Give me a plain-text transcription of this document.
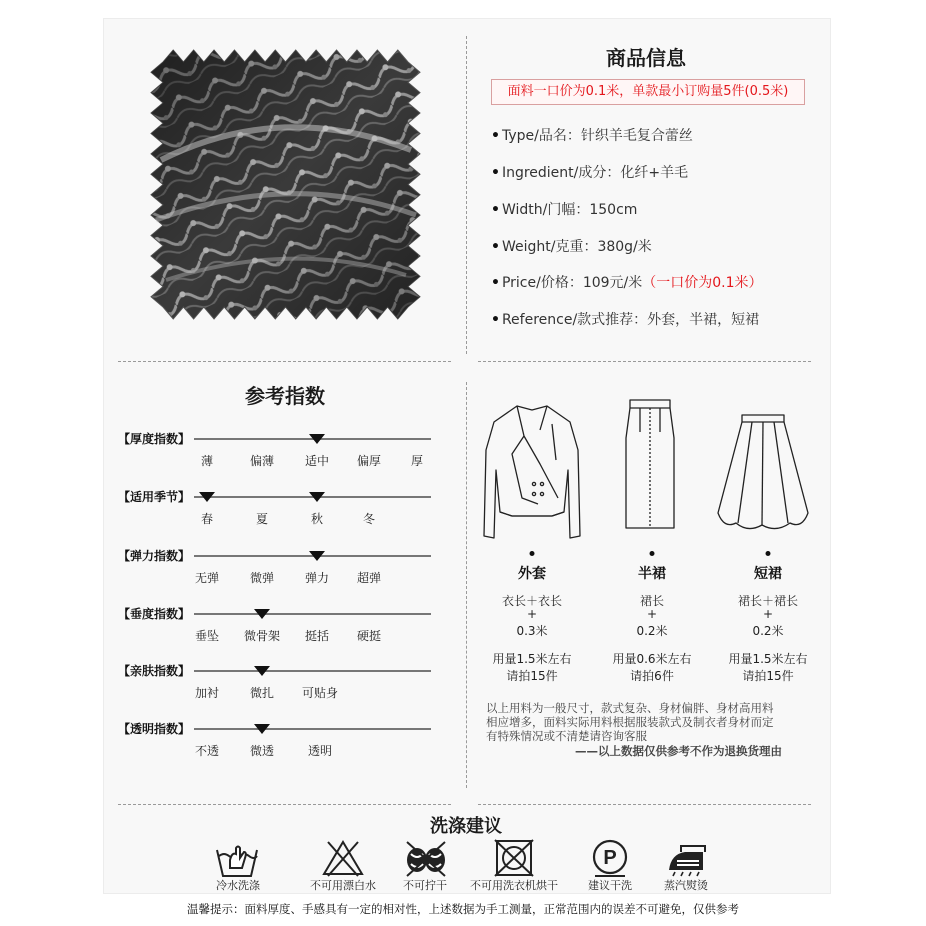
商品信息
面料一口价为0.1米，单款最小订购量5件(0.5米)
• Type/品名：针织羊毛复合蕾丝
• Ingredient/成分：化纤+羊毛
• Width/门幅：150cm
• Weight/克重：380g/米
• Price/价格：109元/米（一口价为0.1米）
• Reference/款式推荐：外套，半裙，短裙
参考指数
【厚度指数】
薄	偏薄	适中 偏厚 厚
【适用季节】
春	夏	秋	冬
【弹力指数】
无弹	微弹	弹力 超弹
【垂度指数】
垂坠 微骨架 挺括 硬挺
【亲肤指数】
加衬	微扎 可贴身
【透明指数】
不透	微透	透明
外套
衣长＋衣长
+
0.3米
用量1.5米左右
请拍15件
半裙
裙长
+
0.2米
用量0.6米左右
请拍6件
短裙
裙长＋裙长
+
0.2米
用量1.5米左右
请拍15件
以上用料为一般尺寸，款式复杂、身材偏胖、身材高用料
相应增多，面料实际用料根据服装款式及制衣者身材而定
有特殊情况或不清楚请咨询客服
——以上数据仅供参考不作为退换货理由
洗涤建议
P
冷水洗涤	不可用漂白水 不可拧干 不可用洗衣机烘干	建议干洗	蒸汽熨烫
温馨提示：面料厚度、手感具有一定的相对性，上述数据为手工测量，正常范围内的误差不可避免，仅供参考
